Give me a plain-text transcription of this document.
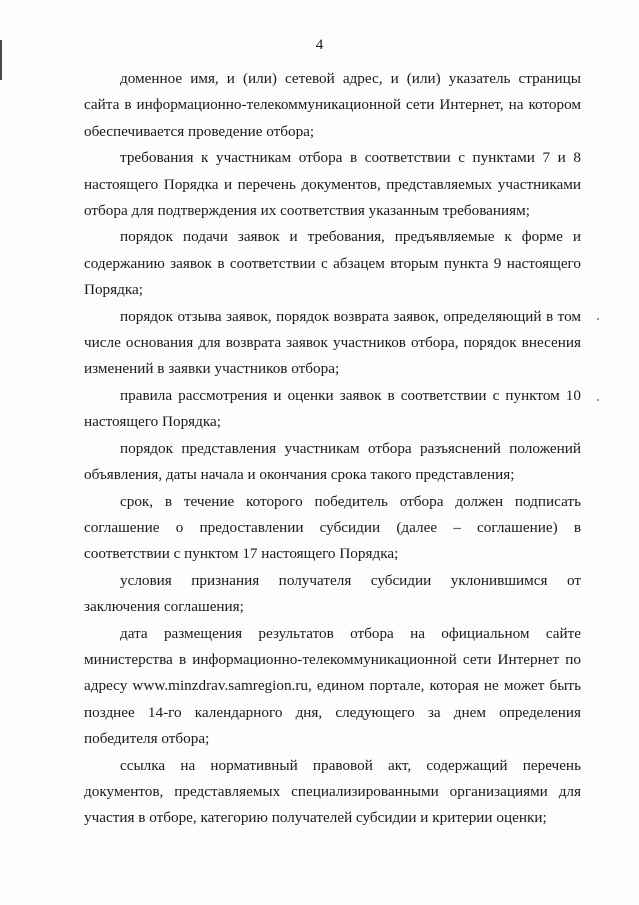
4

доменное имя, и (или) сетевой адрес, и (или) указатель страницы сайта в информационно-телекоммуникационной сети Интернет, на котором обеспечивается проведение отбора;

требования к участникам отбора в соответствии с пунктами 7 и 8 настоящего Порядка и перечень документов, представляемых участниками отбора для подтверждения их соответствия указанным требованиям;

порядок подачи заявок и требования, предъявляемые к форме и содержанию заявок в соответствии с абзацем вторым пункта 9 настоящего Порядка;

порядок отзыва заявок, порядок возврата заявок, определяющий в том числе основания для возврата заявок участников отбора, порядок внесения изменений в заявки участников отбора;

правила рассмотрения и оценки заявок в соответствии с пунктом 10 настоящего Порядка;

порядок представления участникам отбора разъяснений положений объявления, даты начала и окончания срока такого представления;

срок, в течение которого победитель отбора должен подписать соглашение о предоставлении субсидии (далее – соглашение) в соответствии с пунктом 17 настоящего Порядка;

условия признания получателя субсидии уклонившимся от заключения соглашения;

дата размещения результатов отбора на официальном сайте министерства в информационно-телекоммуникационной сети Интернет по адресу www.minzdrav.samregion.ru, едином портале, которая не может быть позднее 14-го календарного дня, следующего за днем определения победителя отбора;

ссылка на нормативный правовой акт, содержащий перечень документов, представляемых специализированными организациями для участия в отборе, категорию получателей субсидии и критерии оценки;
